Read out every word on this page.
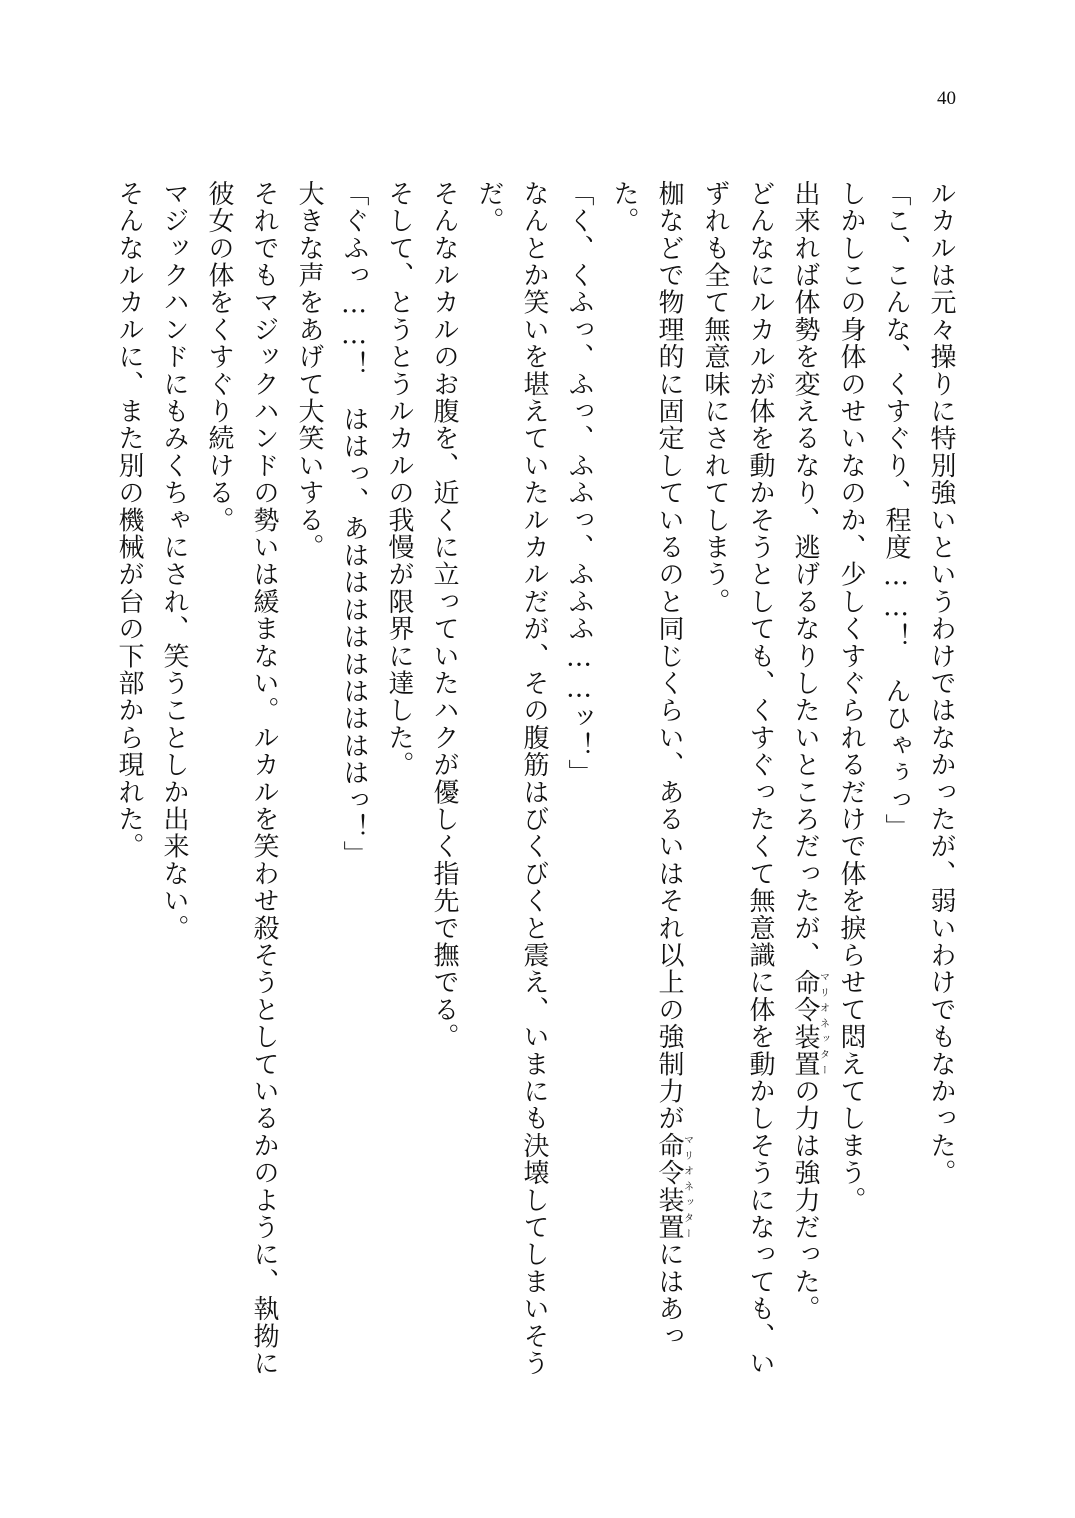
40

ルカルは元々操りに特別強いというわけではなかったが、弱いわけでもなかった。

「こ、こんな、くすぐり、程度……！　んひゃぅっ」

しかしこの身体のせいなのか、少しくすぐられるだけで体を捩らせて悶えてしまう。

出来れば体勢を変えるなり、逃げるなりしたいところだったが、命令装置マリオネッターの力は強力だった。

どんなにルカルが体を動かそうとしても、くすぐったくて無意識に体を動かしそうになっても、いずれも全て無意味にされてしまう。

枷などで物理的に固定しているのと同じくらい、あるいはそれ以上の強制力が命令装置マリオネッターにはあった。

「く、くふっ、ふっ、ふふっ、ふふふ……ッ！」

なんとか笑いを堪えていたルカルだが、その腹筋はびくびくと震え、いまにも決壊してしまいそうだ。

そんなルカルのお腹を、近くに立っていたハクが優しく指先で撫でる。

そして、とうとうルカルの我慢が限界に達した。

「ぐふっ……！　ははっ、あはははははははははっ！」

大きな声をあげて大笑いする。

それでもマジックハンドの勢いは緩まない。ルカルを笑わせ殺そうとしているかのように、執拗に彼女の体をくすぐり続ける。

マジックハンドにもみくちゃにされ、笑うことしか出来ない。

そんなルカルに、また別の機械が台の下部から現れた。
